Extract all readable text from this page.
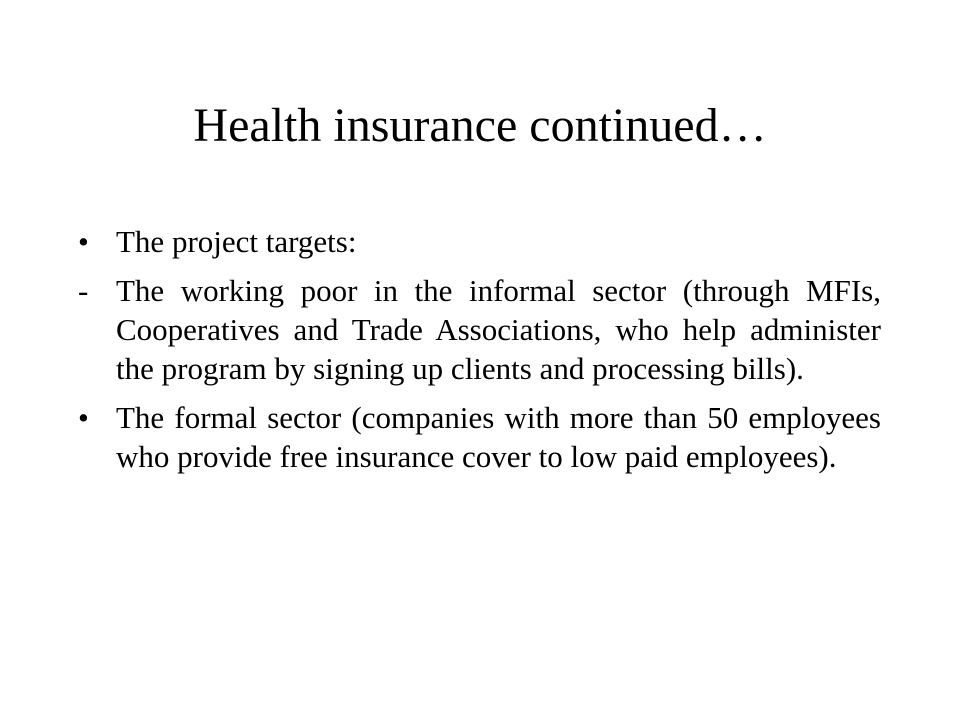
Health insurance continued…
• The project targets:
- The working poor in the informal sector (through MFIs, Cooperatives and Trade Associations, who help administer the program by signing up clients and processing bills).
• The formal sector (companies with more than 50 employees who provide free insurance cover to low paid employees).
